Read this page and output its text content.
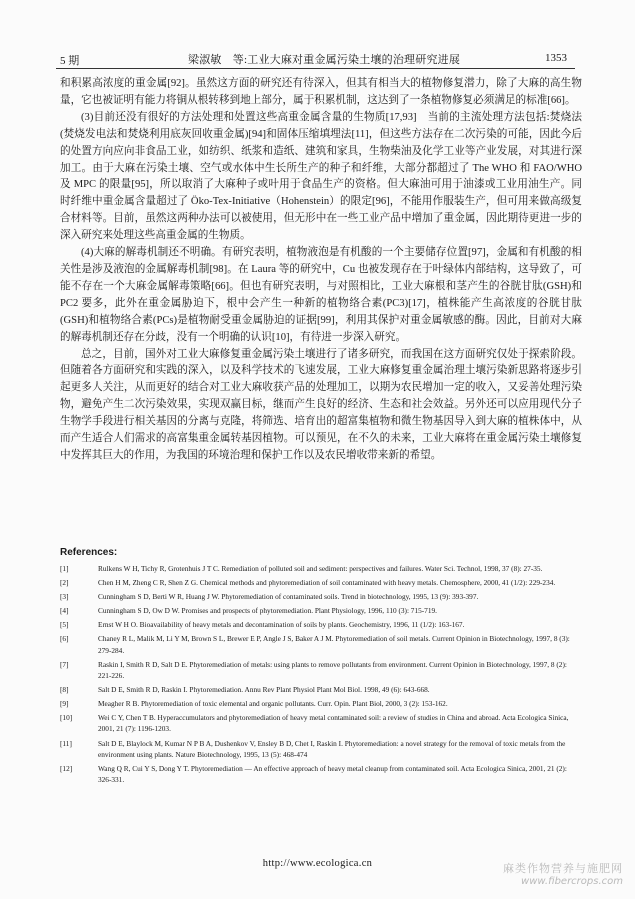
5 期	梁淑敏　等:工业大麻对重金属污染土壤的治理研究进展	1353

和积累高浓度的重金属[92]。虽然这方面的研究还有待深入，但其有相当大的植物修复潜力，除了大麻的高生物量，它也被证明有能力将铜从根转移到地上部分，属于积累机制，这达到了一条植物修复必须满足的标准[66]。

(3)目前还没有很好的方法处理和处置这些高重金属含量的生物质[17,93]　当前的主流处理方法包括:焚烧法(焚烧发电法和焚烧利用底灰回收重金属)[94]和固体压缩填埋法[11]，但这些方法存在二次污染的可能，因此今后的处置方向应向非食品工业，如纺织、纸浆和造纸、建筑和家具，生物柴油及化学工业等产业发展，对其进行深加工。由于大麻在污染土壤、空气或水体中生长所生产的种子和纤维，大部分都超过了 The WHO 和 FAO/WHO 及 MPC 的限量[95]，所以取消了大麻种子或叶用于食品生产的资格。但大麻油可用于油漆或工业用油生产。同时纤维中重金属含量超过了 Öko-Tex-Initiative（Hohenstein）的限定[96]，不能用作服装生产，但可用来做高级复合材料等。目前，虽然这两种办法可以被使用，但无形中在一些工业产品中增加了重金属，因此期待更进一步的深入研究来处理这些高重金属的生物质。

(4)大麻的解毒机制还不明确。有研究表明，植物液泡是有机酸的一个主要储存位置[97]，金属和有机酸的相关性是涉及液泡的金属解毒机制[98]。在 Laura 等的研究中，Cu 也被发现存在于叶绿体内部结构，这导致了，可能不存在一个大麻金属解毒策略[66]。但也有研究表明，与对照相比，工业大麻根和茎产生的谷胱甘肽(GSH)和 PC2 要多，此外在重金属胁迫下，根中会产生一种新的植物络合素(PC3)[17]，植株能产生高浓度的谷胱甘肽(GSH)和植物络合素(PCs)是植物耐受重金属胁迫的证据[99]，利用其保护对重金属敏感的酶。因此，目前对大麻的解毒机制还存在分歧，没有一个明确的认识[10]，有待进一步深入研究。

总之，目前，国外对工业大麻修复重金属污染土壤进行了诸多研究，而我国在这方面研究仅处于探索阶段。但随着各方面研究和实践的深入，以及科学技术的飞速发展，工业大麻修复重金属治理土壤污染新思路将逐步引起更多人关注，从而更好的结合对工业大麻收获产品的处理加工，以期为农民增加一定的收入，又妥善处理污染物，避免产生二次污染效果，实现双赢目标，继而产生良好的经济、生态和社会效益。另外还可以应用现代分子生物学手段进行相关基因的分离与克隆，将筛选、培育出的超富集植物和微生物基因导入到大麻的植株体中，从而产生适合人们需求的高富集重金属转基因植物。可以预见，在不久的未来，工业大麻将在重金属污染土壤修复中发挥其巨大的作用，为我国的环境治理和保护工作以及农民增收带来新的希望。

References:
[1]	Rulkens W H, Tichy R, Grotenhuis J T C. Remediation of polluted soil and sediment: perspectives and failures. Water Sci. Technol, 1998, 37 (8): 27-35.
[2]	Chen H M, Zheng C R, Shen Z G. Chemical methods and phytoremediation of soil contaminated with heavy metals. Chemosphere, 2000, 41 (1/2): 229-234.
[3]	Cunningham S D, Berti W R, Huang J W. Phytoremediation of contaminated soils. Trend in biotechnology, 1995, 13 (9): 393-397.
[4]	Cunningham S D, Ow D W. Promises and prospects of phytoremediation. Plant Physiology, 1996, 110 (3): 715-719.
[5]	Ernst W H O. Bioavailability of heavy metals and decontamination of soils by plants. Geochemistry, 1996, 11 (1/2): 163-167.
[6]	Chaney R L, Malik M, Li Y M, Brown S L, Brewer E P, Angle J S, Baker A J M. Phytoremediation of soil metals. Current Opinion in Biotechnology, 1997, 8 (3): 279-284.
[7]	Raskin I, Smith R D, Salt D E. Phytoremediation of metals: using plants to remove pollutants from environment. Current Opinion in Biotechnology, 1997, 8 (2): 221-226.
[8]	Salt D E, Smith R D, Raskin I. Phytoremediation. Annu Rev Plant Physiol Plant Mol Biol. 1998, 49 (6): 643-668.
[9]	Meagher R B. Phytoremediation of toxic elemental and organic pollutants. Curr. Opin. Plant Biol, 2000, 3 (2): 153-162.
[10]	Wei C Y, Chen T B. Hyperaccumulators and phytoremediation of heavy metal contaminated soil: a review of studies in China and abroad. Acta Ecologica Sinica, 2001, 21 (7): 1196-1203.
[11]	Salt D E, Blaylock M, Kumar N P B A, Dushenkov V, Ensley B D, Chet I, Raskin I. Phytoremediation: a novel strategy for the removal of toxic metals from the environment using plants. Nature Biotechnology, 1995, 13 (5): 468-474
[12]	Wang Q R, Cui Y S, Dong Y T. Phytoremediation — An effective approach of heavy metal cleanup from contaminated soil. Acta Ecologica Sinica, 2001, 21 (2): 326-331.
http://www.ecologica.cn	麻类作物营养与施肥网
www.fibercrops.com
